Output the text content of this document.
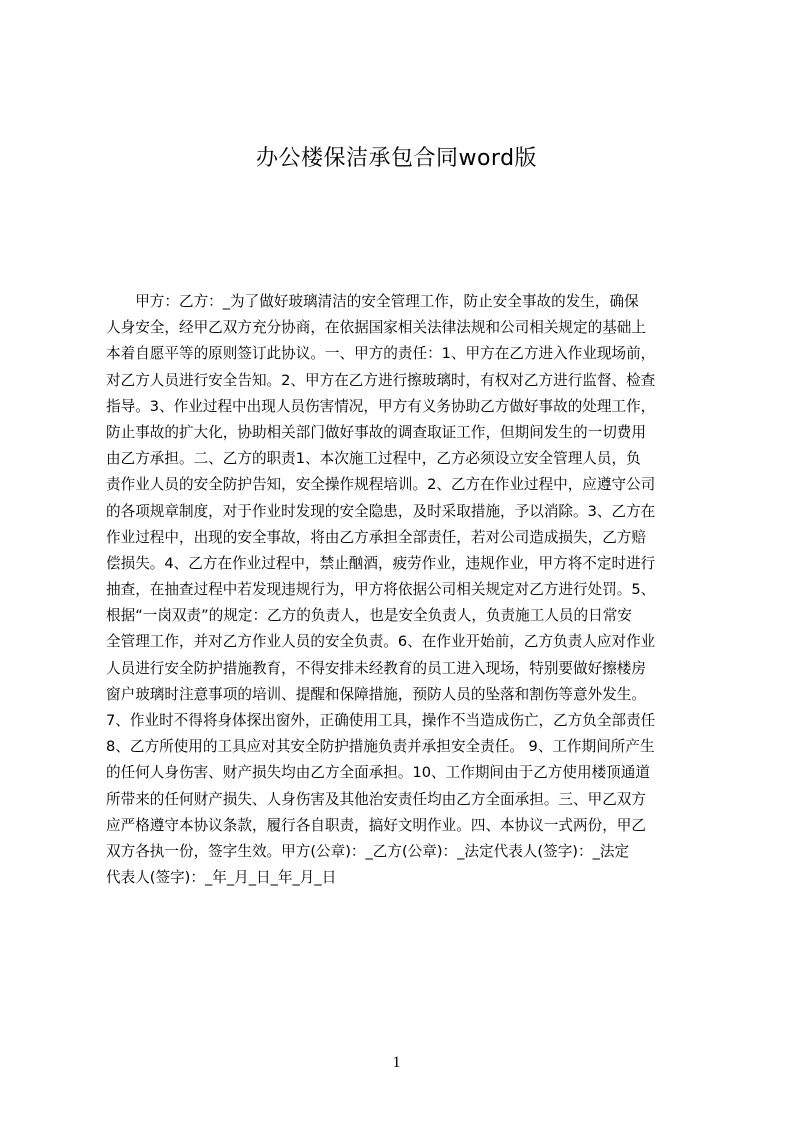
办公楼保洁承包合同word版
　　甲方：乙方：_为了做好玻璃清洁的安全管理工作，防止安全事故的发生，确保
人身安全，经甲乙双方充分协商，在依据国家相关法律法规和公司相关规定的基础上
本着自愿平等的原则签订此协议。一、甲方的责任：1、甲方在乙方进入作业现场前，
对乙方人员进行安全告知。2、甲方在乙方进行擦玻璃时，有权对乙方进行监督、检查
指导。3、作业过程中出现人员伤害情况，甲方有义务协助乙方做好事故的处理工作，
防止事故的扩大化，协助相关部门做好事故的调查取证工作，但期间发生的一切费用
由乙方承担。二、乙方的职责1、本次施工过程中，乙方必须设立安全管理人员，负
责作业人员的安全防护告知，安全操作规程培训。2、乙方在作业过程中，应遵守公司
的各项规章制度，对于作业时发现的安全隐患，及时采取措施，予以消除。3、乙方在
作业过程中，出现的安全事故，将由乙方承担全部责任，若对公司造成损失，乙方赔
偿损失。4、乙方在作业过程中，禁止酗酒，疲劳作业，违规作业，甲方将不定时进行
抽查，在抽查过程中若发现违规行为，甲方将依据公司相关规定对乙方进行处罚。5、
根据“一岗双责”的规定：乙方的负责人，也是安全负责人，负责施工人员的日常安
全管理工作，并对乙方作业人员的安全负责。6、在作业开始前，乙方负责人应对作业
人员进行安全防护措施教育，不得安排未经教育的员工进入现场，特别要做好擦楼房
窗户玻璃时注意事项的培训、提醒和保障措施，预防人员的坠落和割伤等意外发生。
7、作业时不得将身体探出窗外，正确使用工具，操作不当造成伤亡，乙方负全部责任
8、乙方所使用的工具应对其安全防护措施负责并承担安全责任。 9、工作期间所产生
的任何人身伤害、财产损失均由乙方全面承担。10、工作期间由于乙方使用楼顶通道
所带来的任何财产损失、人身伤害及其他治安责任均由乙方全面承担。三、甲乙双方
应严格遵守本协议条款，履行各自职责，搞好文明作业。四、本协议一式两份，甲乙
双方各执一份，签字生效。甲方(公章)：_乙方(公章)：_法定代表人(签字)：_法定
代表人(签字)：_年_月_日_年_月_日
1
